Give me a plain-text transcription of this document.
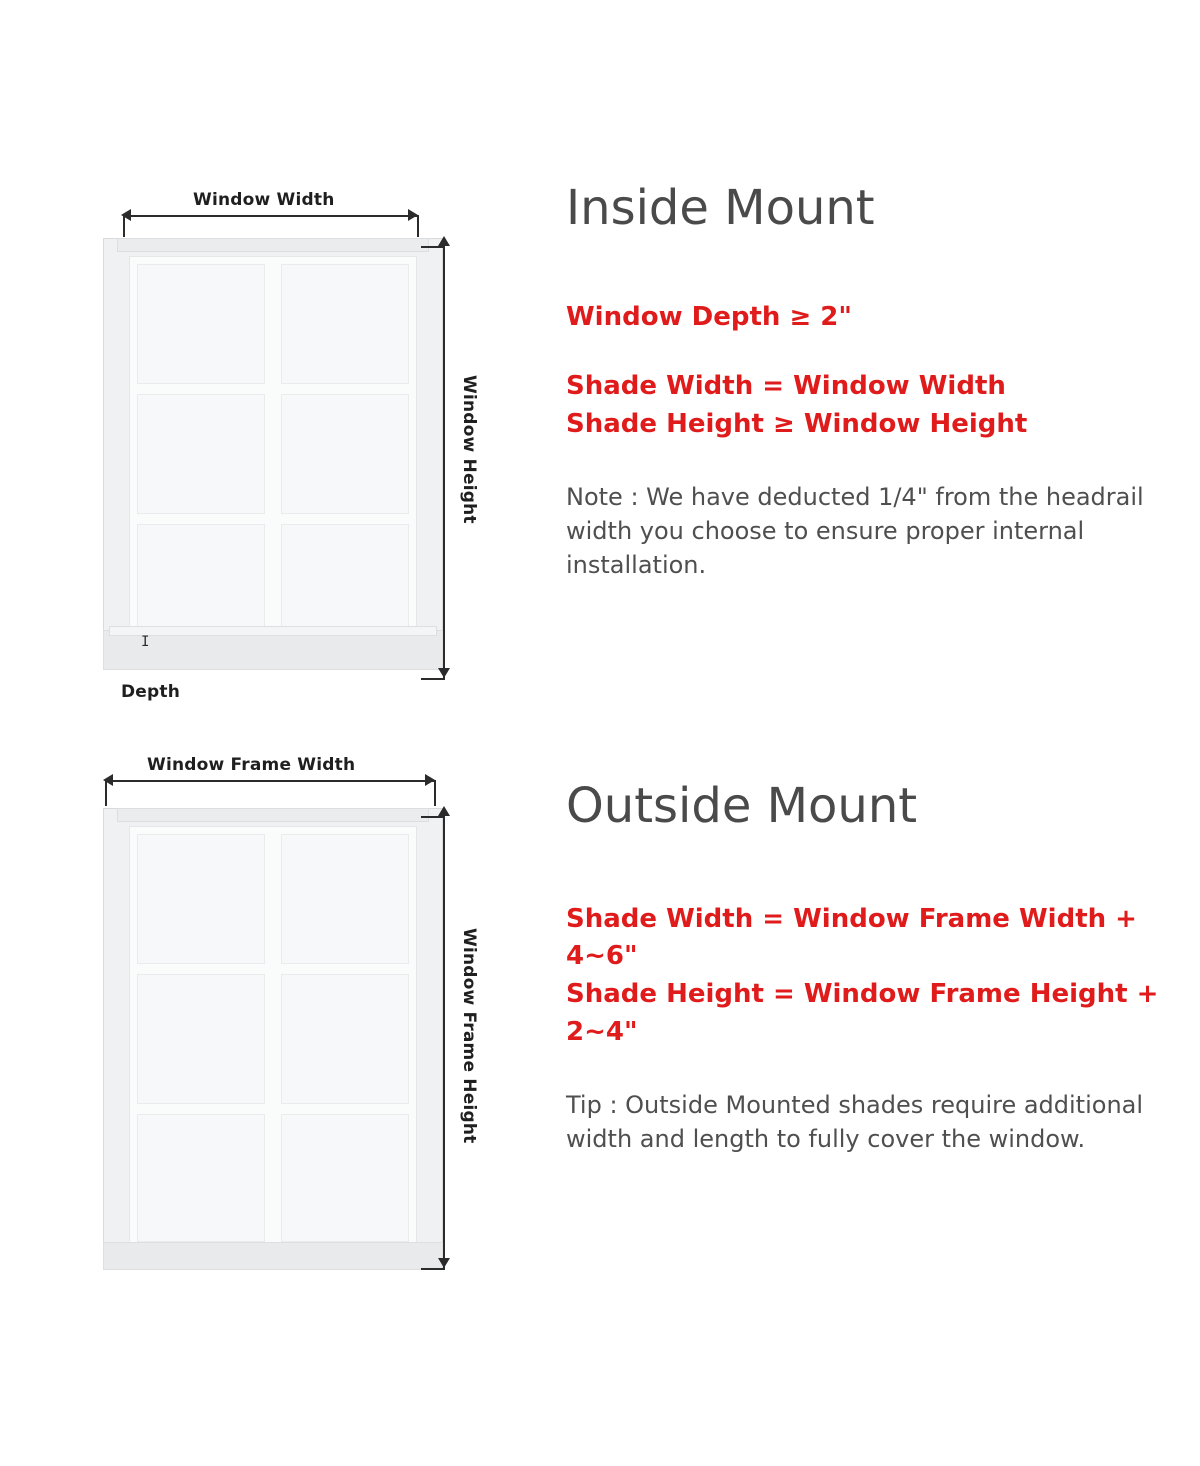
Window Width
I
Depth
Window Height
Inside Mount

Window Depth ≥ 2"

Shade Width = Window Width

Shade Height ≥ Window Height

Note : We have deducted 1/4" from the headrail width you choose to ensure proper internal installation.

Window Frame Width
Window Frame Height
Outside Mount

Shade Width = Window Frame Width + 4~6"

Shade Height = Window Frame Height + 2~4"

Tip : Outside Mounted shades require additional width and length to fully cover the window.
